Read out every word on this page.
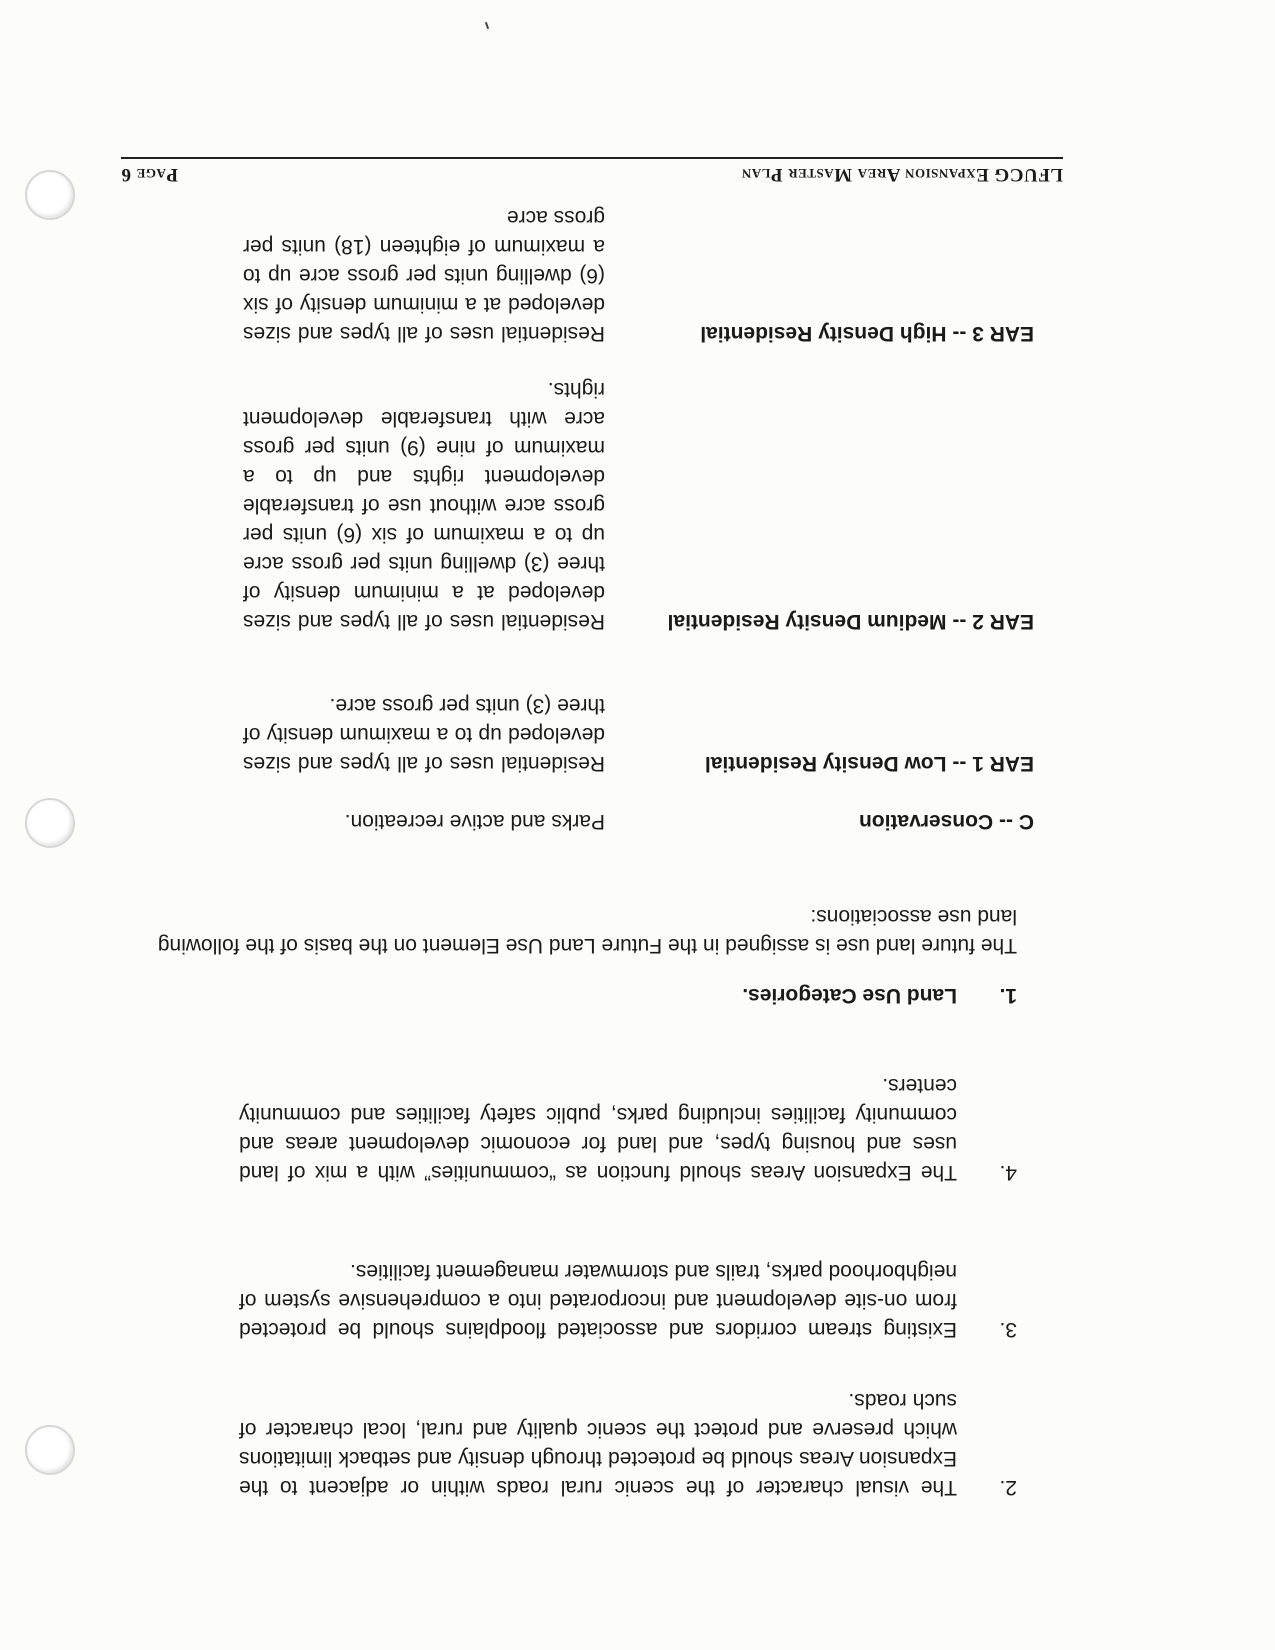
LFUCG Expansion Area Master Plan
Page 6
2.
The visual character of the scenic rural roads within or adjacent to the Expansion Areas should be protected through density and setback limitations which preserve and protect the scenic quality and rural, local character of such roads.
3.
Existing stream corridors and associated floodplains should be protected from on-site development and incorporated into a comprehensive system of neighborhood parks, trails and stormwater management facilities.
4.
The Expansion Areas should function as “communities” with a mix of land uses and housing types, and land for economic development areas and community facilities including parks, public safety facilities and community centers.
1.
Land Use Categories.
The future land use is assigned in the Future Land Use Element on the basis of the following land use associations:
C -- Conservation
Parks and active recreation.
EAR 1 -- Low Density Residential
Residential uses of all types and sizes developed up to a maximum density of three (3) units per gross acre.
EAR 2 -- Medium Density Residential
Residential uses of all types and sizes developed at a minimum density of three (3) dwelling units per gross acre up to a maximum of six (6) units per gross acre without use of transferable development rights and up to a maximum of nine (9) units per gross acre with transferable development rights.
EAR 3 -- High Density Residential
Residential uses of all types and sizes developed at a minimum density of six (6) dwelling units per gross acre up to a maximum of eighteen (18) units per gross acre
